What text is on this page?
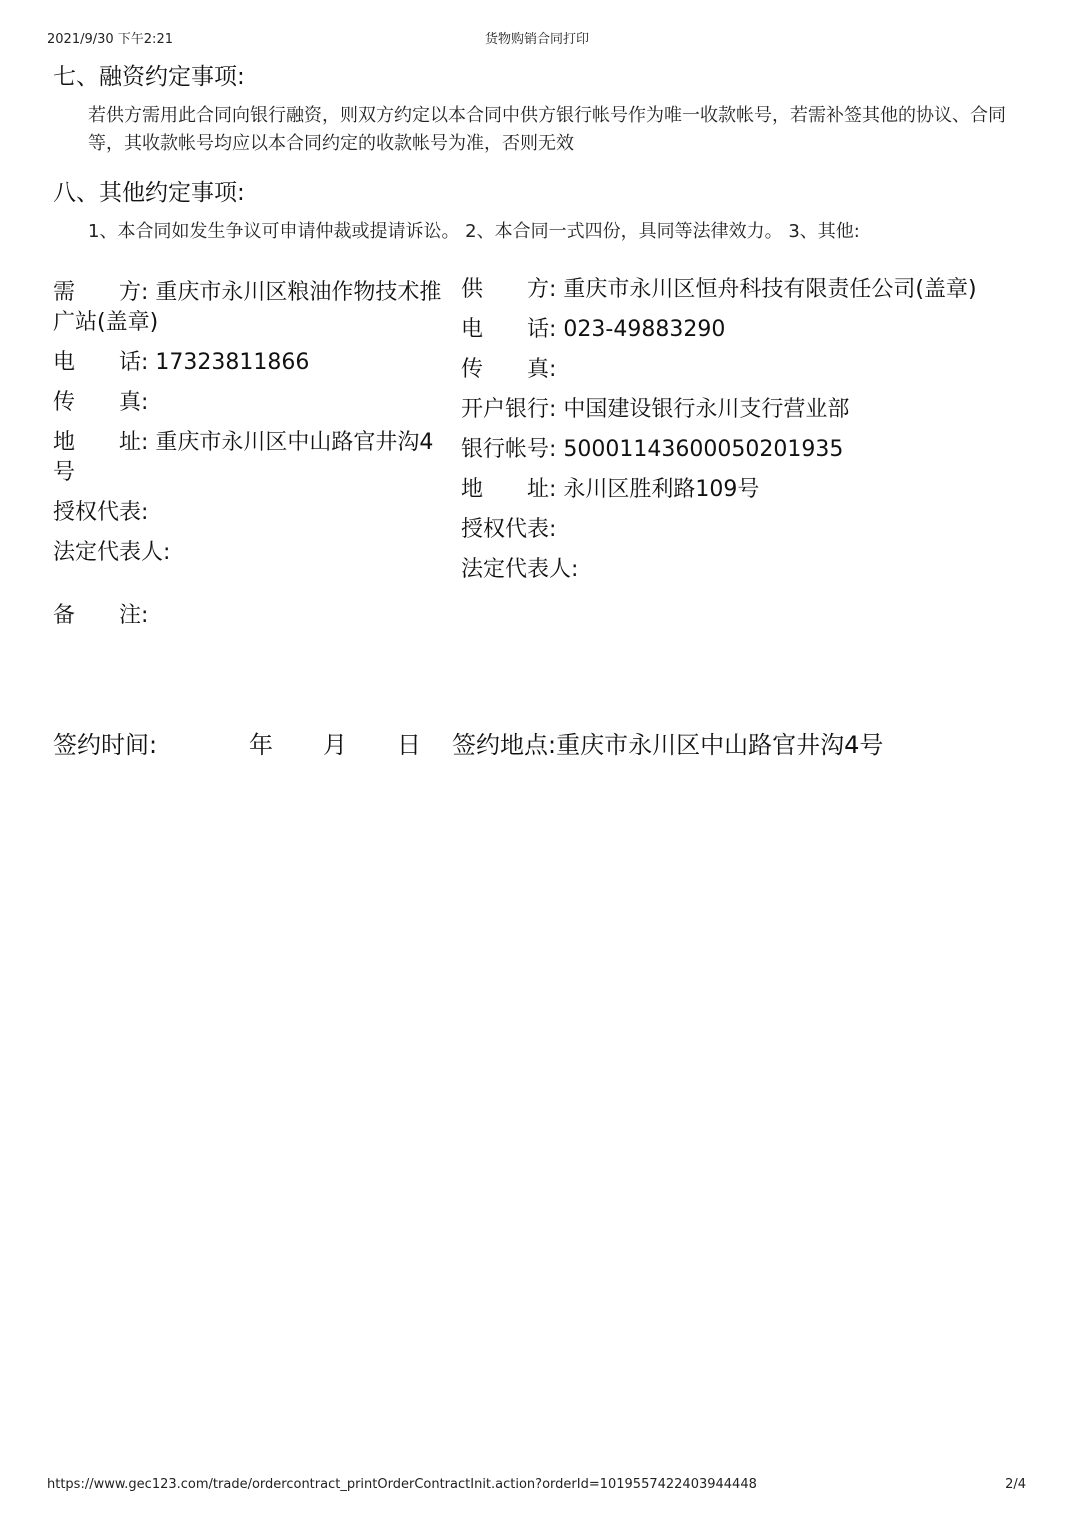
2021/9/30 下午2:21	货物购销合同打印
七、融资约定事项:
若供方需用此合同向银行融资，则双方约定以本合同中供方银行帐号作为唯一收款帐号，若需补签其他的协议、合同等，其收款帐号均应以本合同约定的收款帐号为准，否则无效
八、其他约定事项:
1、本合同如发生争议可申请仲裁或提请诉讼。 2、本合同一式四份，具同等法律效力。 3、其他:
需　　方: 重庆市永川区粮油作物技术推广站(盖章)
电　　话: 17323811866
传　　真:
地　　址: 重庆市永川区中山路官井沟4号
授权代表:
法定代表人:
供　　方: 重庆市永川区恒舟科技有限责任公司(盖章)
电　　话: 023-49883290
传　　真:
开户银行: 中国建设银行永川支行营业部
银行帐号: 50001143600050201935
地　　址: 永川区胜利路109号
授权代表:
法定代表人:
备　　注:
签约时间:	年 月 日 签约地点:重庆市永川区中山路官井沟4号
https://www.gec123.com/trade/ordercontract_printOrderContractInit.action?orderId=1019557422403944448	2/4
